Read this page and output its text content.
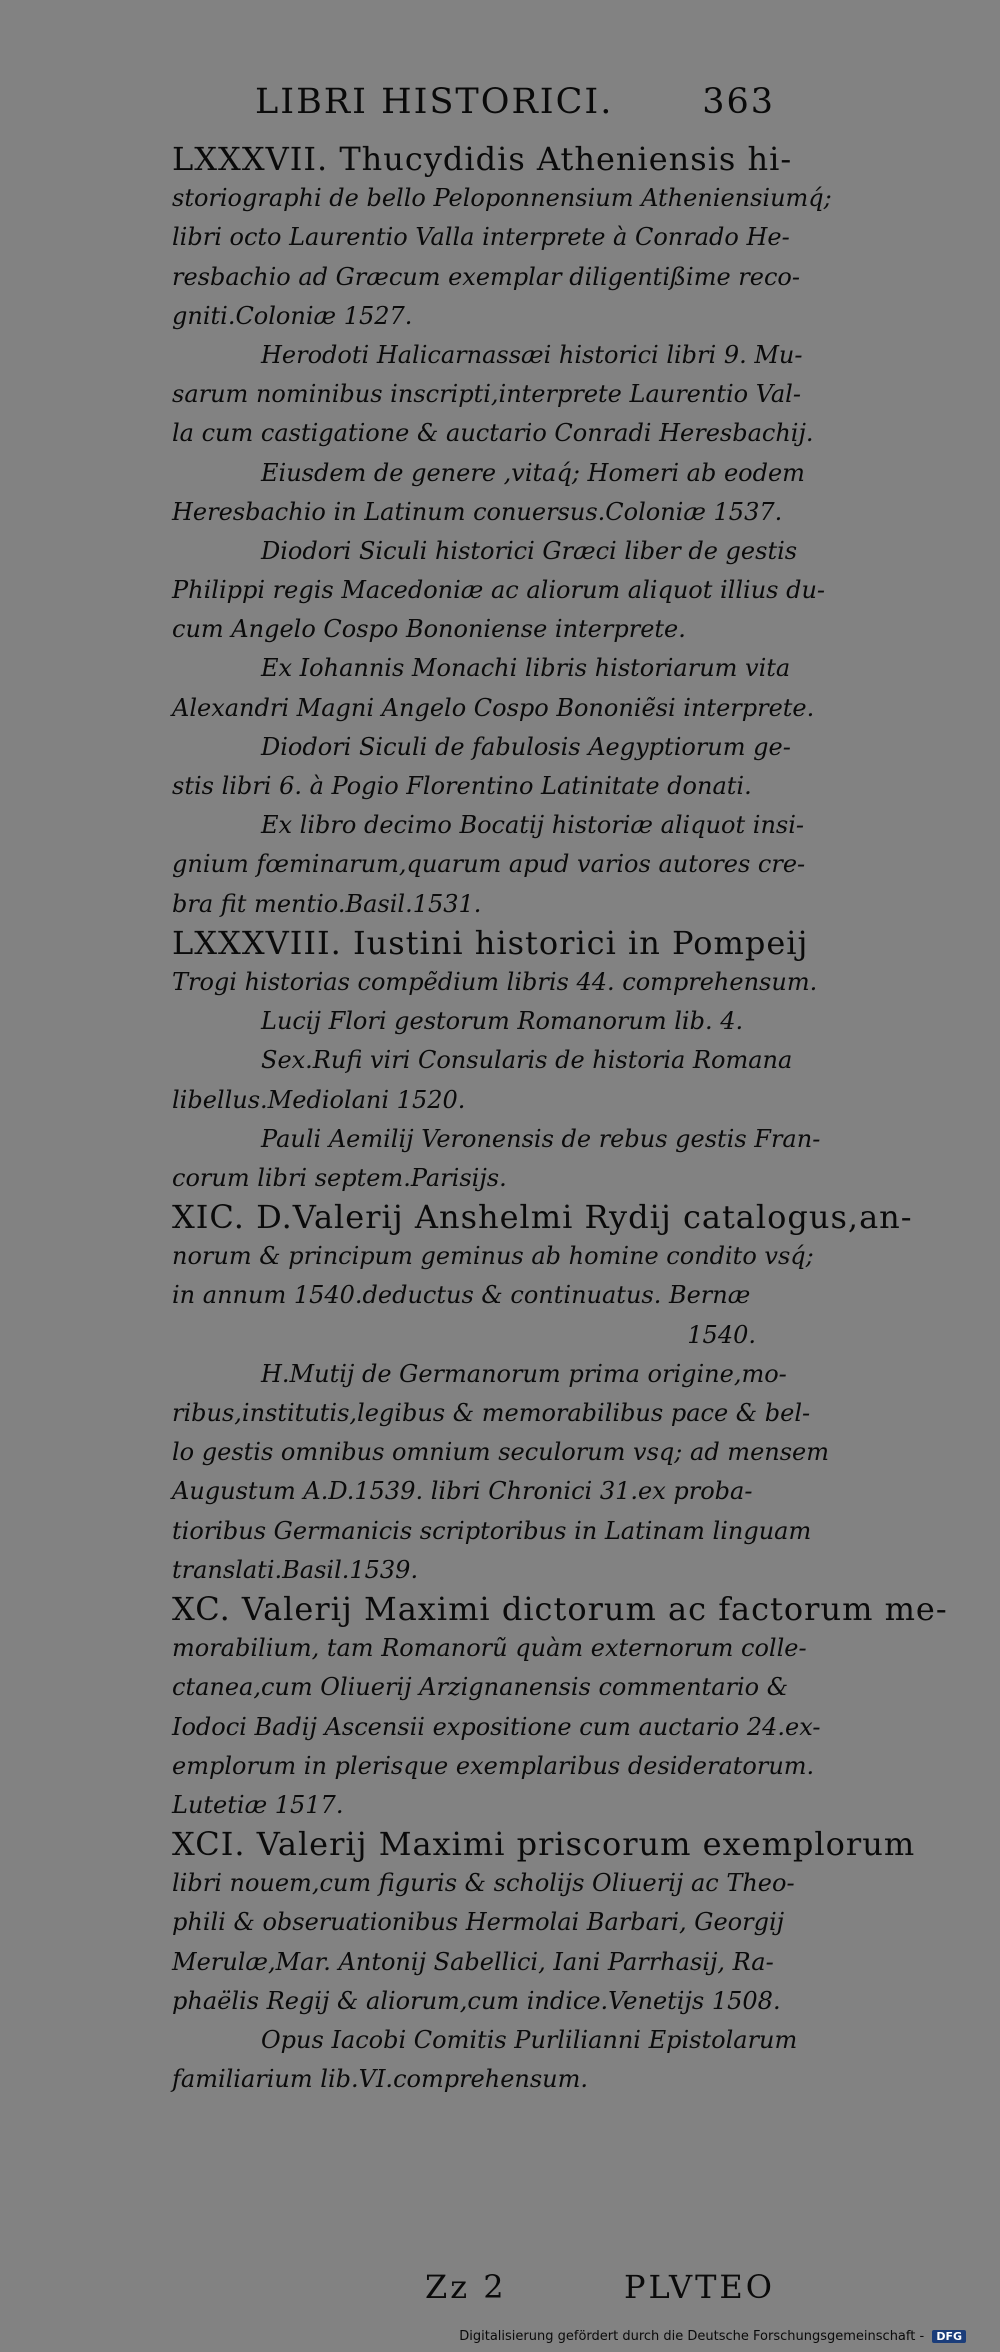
LIBRI HISTORICI.	363
LXXXVII. Thucydidis Atheniensis hi-
storiographi de bello Peloponnensium Atheniensiumq́;
libri octo Laurentio Valla interprete à Conrado He-
resbachio ad Græcum exemplar diligentißime reco-
gniti.Coloniæ 1527.
Herodoti Halicarnassæi historici libri 9. Mu-
sarum nominibus inscripti,interprete Laurentio Val-
la cum castigatione & auctario Conradi Heresbachij.
Eiusdem de genere ,vitaq́; Homeri ab eodem
Heresbachio in Latinum conuersus.Coloniæ 1537.
Diodori Siculi historici Græci liber de gestis
Philippi regis Macedoniæ ac aliorum aliquot illius du-
cum Angelo Cospo Bononiense interprete.
Ex Iohannis Monachi libris historiarum vita
Alexandri Magni Angelo Cospo Bononiẽsi interprete.
Diodori Siculi de fabulosis Aegyptiorum ge-
stis libri 6. à Pogio Florentino Latinitate donati.
Ex libro decimo Bocatij historiæ aliquot insi-
gnium fœminarum,quarum apud varios autores cre-
bra fit mentio.Basil.1531.
LXXXVIII. Iustini historici in Pompeij
Trogi historias compẽdium libris 44. comprehensum.
Lucij Flori gestorum Romanorum lib. 4.
Sex.Rufi viri Consularis de historia Romana
libellus.Mediolani 1520.
Pauli Aemilij Veronensis de rebus gestis Fran-
corum libri septem.Parisijs.
XIC. D.Valerij Anshelmi Rydij catalogus,an-
norum & principum geminus ab homine condito vsq́;
in annum 1540.deductus & continuatus. Bernæ
1540.
H.Mutij de Germanorum prima origine,mo-
ribus,institutis,legibus & memorabilibus pace & bel-
lo gestis omnibus omnium seculorum vsq; ad mensem
Augustum A.D.1539. libri Chronici 31.ex proba-
tioribus Germanicis scriptoribus in Latinam linguam
translati.Basil.1539.
XC. Valerij Maximi dictorum ac factorum me-
morabilium, tam Romanorũ quàm externorum colle-
ctanea,cum Oliuerij Arzignanensis commentario &
Iodoci Badij Ascensii expositione cum auctario 24.ex-
emplorum in plerisque exemplaribus desideratorum.
Lutetiæ 1517.
XCI. Valerij Maximi priscorum exemplorum
libri nouem,cum figuris & scholijs Oliuerij ac Theo-
phili & obseruationibus Hermolai Barbari, Georgij
Merulæ,Mar. Antonij Sabellici, Iani Parrhasij, Ra-
phaëlis Regij & aliorum,cum indice.Venetijs 1508.
Opus Iacobi Comitis Purlilianni Epistolarum
familiarium lib.VI.comprehensum.
Zz 2	PLVTEO
Digitalisierung gefördert durch die Deutsche Forschungsgemeinschaft - DFG
